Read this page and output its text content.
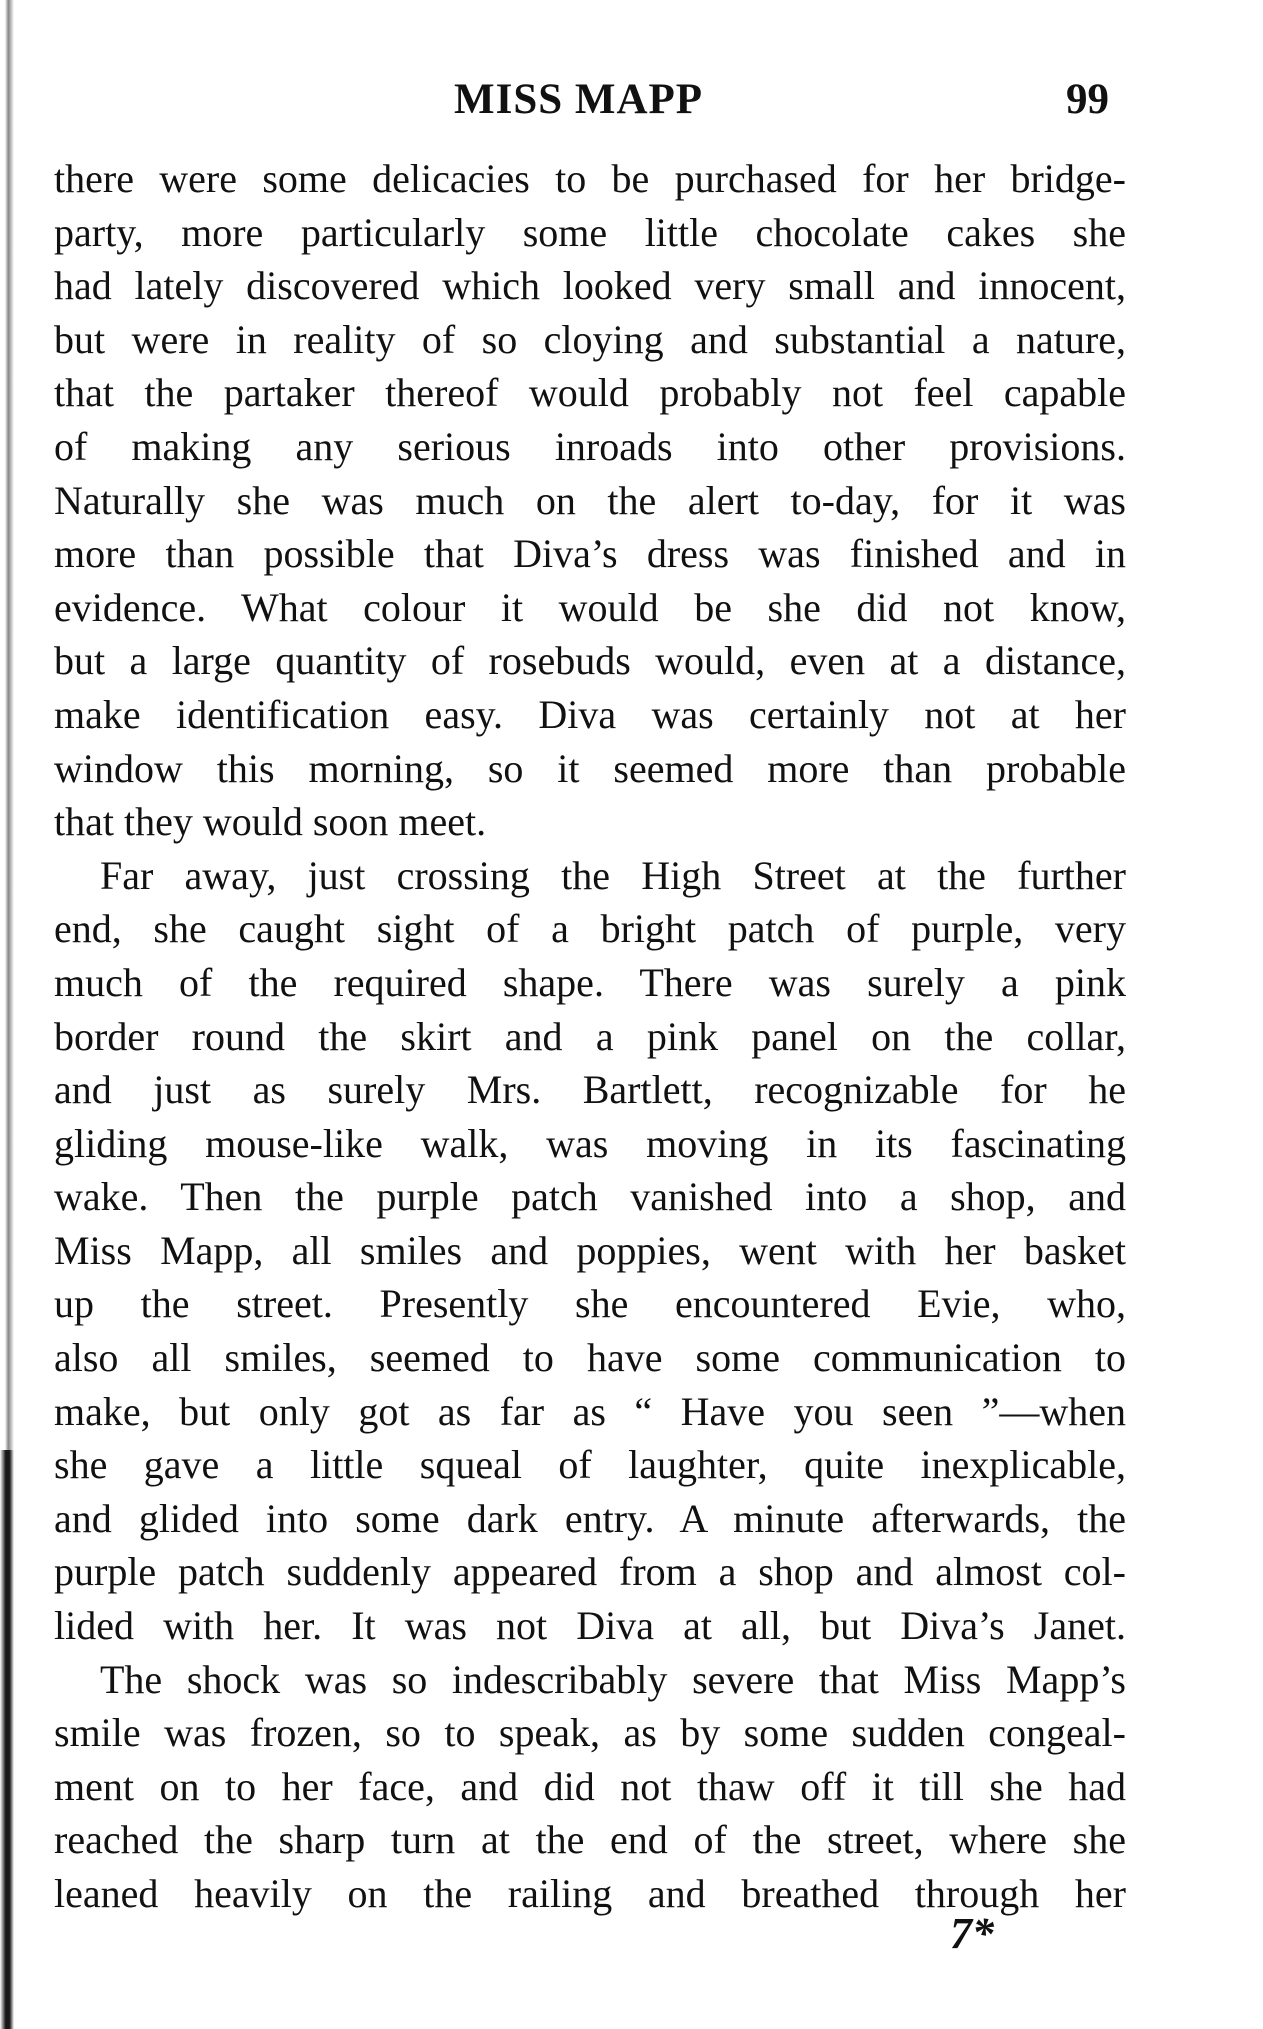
MISS MAPP	99
there were some delicacies to be purchased for her bridge-
party, more particularly some little chocolate cakes she
had lately discovered which looked very small and innocent,
but were in reality of so cloying and substantial a nature,
that the partaker thereof would probably not feel capable
of making any serious inroads into other provisions.
Naturally she was much on the alert to-day, for it was
more than possible that Diva’s dress was finished and in
evidence. What colour it would be she did not know,
but a large quantity of rosebuds would, even at a distance,
make identification easy. Diva was certainly not at her
window this morning, so it seemed more than probable
that they would soon meet.
Far away, just crossing the High Street at the further
end, she caught sight of a bright patch of purple, very
much of the required shape. There was surely a pink
border round the skirt and a pink panel on the collar,
and just as surely Mrs. Bartlett, recognizable for he
gliding mouse-like walk, was moving in its fascinating
wake. Then the purple patch vanished into a shop, and
Miss Mapp, all smiles and poppies, went with her basket
up the street. Presently she encountered Evie, who,
also all smiles, seemed to have some communication to
make, but only got as far as “ Have you seen ”—when
she gave a little squeal of laughter, quite inexplicable,
and glided into some dark entry. A minute afterwards, the
purple patch suddenly appeared from a shop and almost col-
lided with her. It was not Diva at all, but Diva’s Janet.
The shock was so indescribably severe that Miss Mapp’s
smile was frozen, so to speak, as by some sudden congeal-
ment on to her face, and did not thaw off it till she had
reached the sharp turn at the end of the street, where she
leaned heavily on the railing and breathed through her
7*
